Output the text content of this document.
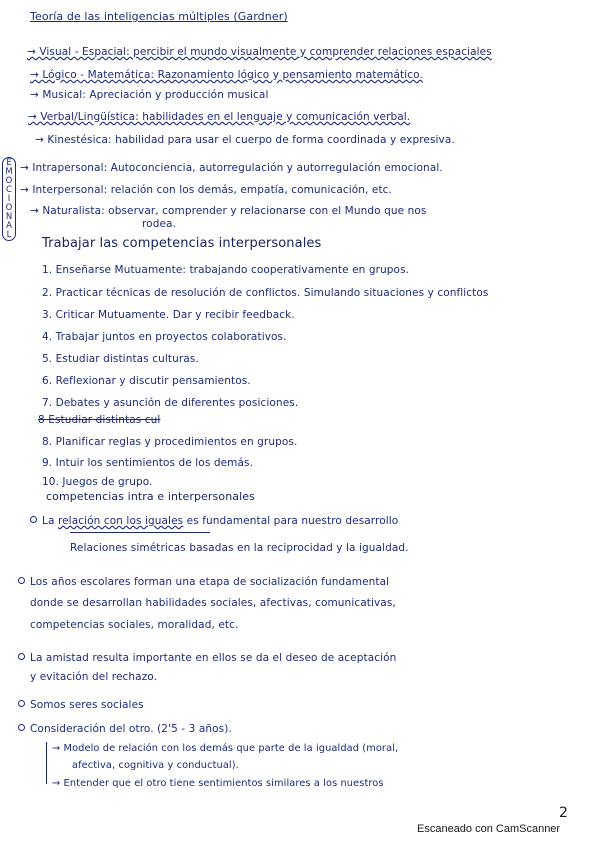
Teoría de las inteligencias múltiples (Gardner)
→ Visual - Espacial: percibir el mundo visualmente y comprender relaciones espaciales
→ Lógico - Matemática: Razonamiento lógico y pensamiento matemático.
→ Musical: Apreciación y producción musical
→ Verbal/Lingüística: habilidades en el lenguaje y comunicación verbal.
→ Kinestésica: habilidad para usar el cuerpo de forma coordinada y expresiva.
→ Intrapersonal: Autoconciencia, autorregulación y autorregulación emocional.
→ Interpersonal: relación con los demás, empatía, comunicación, etc.
→ Naturalista: observar, comprender y relacionarse con el Mundo que nos
rodea.
E
M
O
C
I
O
N
A
L
Trabajar las competencias interpersonales
1. Enseñarse Mutuamente: trabajando cooperativamente en grupos.
2. Practicar técnicas de resolución de conflictos. Simulando situaciones y conflictos
3. Criticar Mutuamente. Dar y recibir feedback.
4. Trabajar juntos en proyectos colaborativos.
5. Estudiar distintas culturas.
6. Reflexionar y discutir pensamientos.
7. Debates y asunción de diferentes posiciones.
8 Estudiar distintas cul
8. Planificar reglas y procedimientos en grupos.
9. Intuir los sentimientos de los demás.
10. Juegos de grupo.
competencias intra e interpersonales
La relación con los iguales es fundamental para nuestro desarrollo
Relaciones simétricas basadas en la reciprocidad y la igualdad.
Los años escolares forman una etapa de socialización fundamental
donde se desarrollan habilidades sociales, afectivas, comunicativas,
competencias sociales, moralidad, etc.
La amistad resulta importante en ellos se da el deseo de aceptación
y evitación del rechazo.
Somos seres sociales
Consideración del otro. (2'5 - 3 años).
→ Modelo de relación con los demás que parte de la igualdad (moral,
afectiva, cognitiva y conductual).
→ Entender que el otro tiene sentimientos similares a los nuestros
2
Escaneado con CamScanner
